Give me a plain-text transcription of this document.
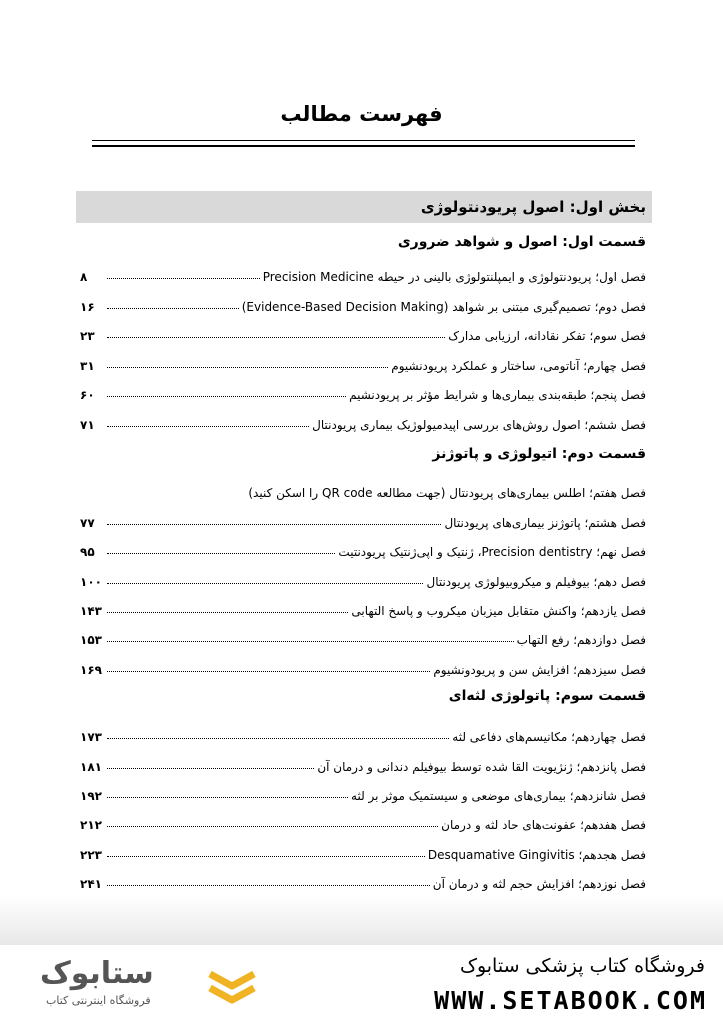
فهرست مطالب
بخش اول: اصول پریودنتولوژی
قسمت اول: اصول و شواهد ضروری
فصل اول؛ پریودنتولوژی و ایمپلنتولوژی بالینی در حیطه Precision Medicine
۸
فصل دوم؛ تصمیم‌گیری مبتنی بر شواهد (Evidence-Based Decision Making)
۱۶
فصل سوم؛ تفکر نقادانه، ارزیابی مدارک
۲۳
فصل چهارم؛ آناتومی، ساختار و عملکرد پریودنشیوم
۳۱
فصل پنجم؛ طبقه‌بندی بیماری‌ها و شرایط مؤثر بر پریودنشیم
۶۰
فصل ششم؛ اصول روش‌های بررسی اپیدمیولوژیک بیماری پریودنتال
۷۱
قسمت دوم: اتیولوژی و پاتوژنز
فصل هفتم؛ اطلس بیماری‌های پریودنتال (جهت مطالعه QR code را اسکن کنید)
فصل هشتم؛ پاتوژنز بیماری‌های پریودنتال
۷۷
فصل نهم؛ Precision dentistry، ژنتیک و اپی‌ژنتیک پریودنتیت
۹۵
فصل دهم؛ بیوفیلم و میکروبیولوژی پریودنتال
۱۰۰
فصل یازدهم؛ واکنش متقابل میزبان میکروب و پاسخ التهابی
۱۴۳
فصل دوازدهم؛ رفع التهاب
۱۵۳
فصل سیزدهم؛ افزایش سن و پریودونشیوم
۱۶۹
قسمت سوم: پاتولوژی لثه‌ای
فصل چهاردهم؛ مکانیسم‌های دفاعی لثه
۱۷۳
فصل پانزدهم؛ ژنژیویت القا شده توسط بیوفیلم دندانی و درمان آن
۱۸۱
فصل شانزدهم؛ بیماری‌های موضعی و سیستمیک موثر بر لثه
۱۹۲
فصل هفدهم؛ عفونت‌های حاد لثه و درمان
۲۱۲
فصل هجدهم؛ Desquamative Gingivitis
۲۲۳
فصل نوزدهم؛ افزایش حجم لثه و درمان آن
۲۴۱
فروشگاه کتاب پزشکی ستابوک
WWW.SETABOOK.COM
ستابوک
فروشگاه اینترنتی کتاب
